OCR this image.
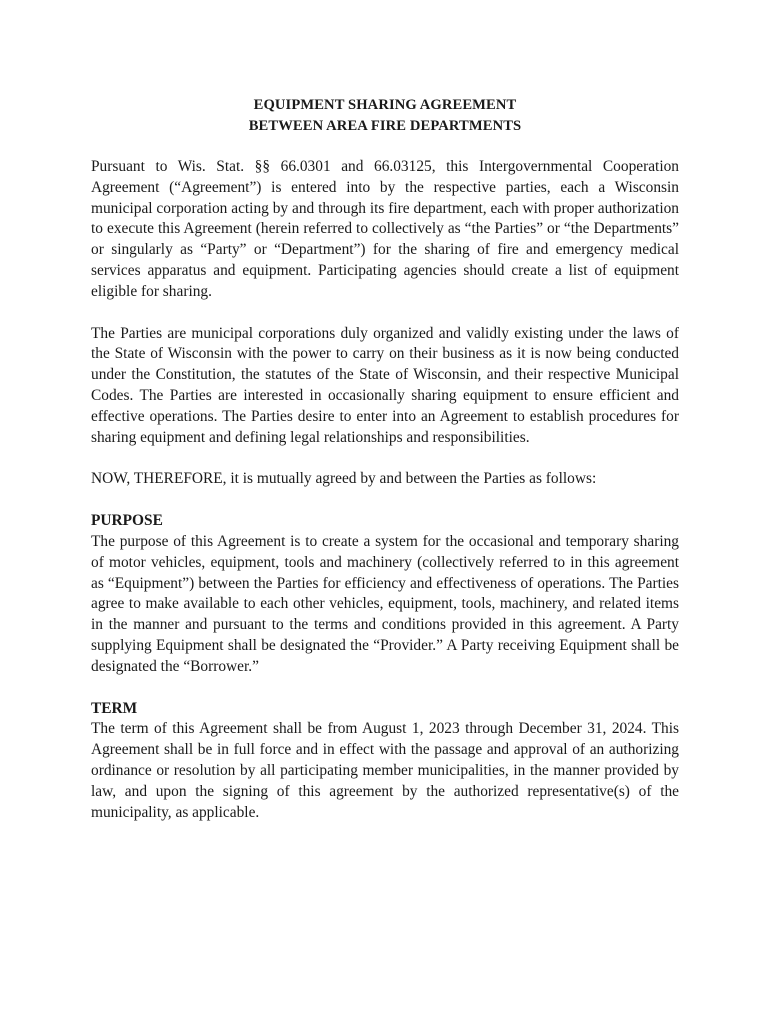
EQUIPMENT SHARING AGREEMENT
BETWEEN AREA FIRE DEPARTMENTS

Pursuant to Wis. Stat. §§ 66.0301 and 66.03125, this Intergovernmental Cooperation Agreement (“Agreement”) is entered into by the respective parties, each a Wisconsin municipal corporation acting by and through its fire department, each with proper authorization to execute this Agreement (herein referred to collectively as “the Parties” or “the Departments” or singularly as “Party” or “Department”) for the sharing of fire and emergency medical services apparatus and equipment. Participating agencies should create a list of equipment eligible for sharing.

The Parties are municipal corporations duly organized and validly existing under the laws of the State of Wisconsin with the power to carry on their business as it is now being conducted under the Constitution, the statutes of the State of Wisconsin, and their respective Municipal Codes. The Parties are interested in occasionally sharing equipment to ensure efficient and effective operations. The Parties desire to enter into an Agreement to establish procedures for sharing equipment and defining legal relationships and responsibilities.

NOW, THEREFORE, it is mutually agreed by and between the Parties as follows:

PURPOSE

The purpose of this Agreement is to create a system for the occasional and temporary sharing of motor vehicles, equipment, tools and machinery (collectively referred to in this agreement as “Equipment”) between the Parties for efficiency and effectiveness of operations. The Parties agree to make available to each other vehicles, equipment, tools, machinery, and related items in the manner and pursuant to the terms and conditions provided in this agreement. A Party supplying Equipment shall be designated the “Provider.” A Party receiving Equipment shall be designated the “Borrower.”

TERM

The term of this Agreement shall be from August 1, 2023 through December 31, 2024. This Agreement shall be in full force and in effect with the passage and approval of an authorizing ordinance or resolution by all participating member municipalities, in the manner provided by law, and upon the signing of this agreement by the authorized representative(s) of the municipality, as applicable.
